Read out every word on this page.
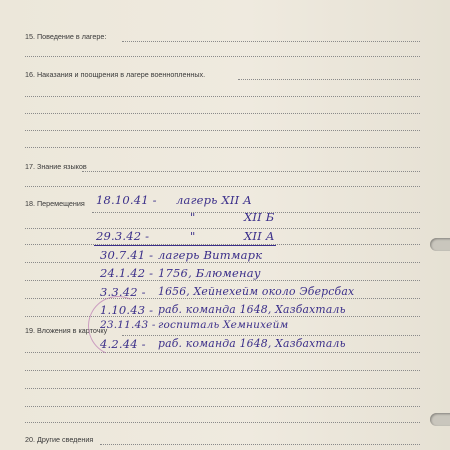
15. Поведение в лагере:
16. Наказания и поощрения в лагере военнопленных.
17. Знание языков
18. Перемещения
19. Вложения в карточку
20. Другие сведения
18.10.41 - лагерь XII A
"	XII Б
29.3.42 -	"	XII А
30.7.41 - лагерь Витмарк
24.1.42 - 1756, Блюменау
3.3.42 - 1656, Хейнехейм около Эберсбах
1.10.43 - раб. команда 1648, Хазбахталь
23.11.43 - госпиталь Хемнихейм
4.2.44 - раб. команда 1648, Хазбахталь
